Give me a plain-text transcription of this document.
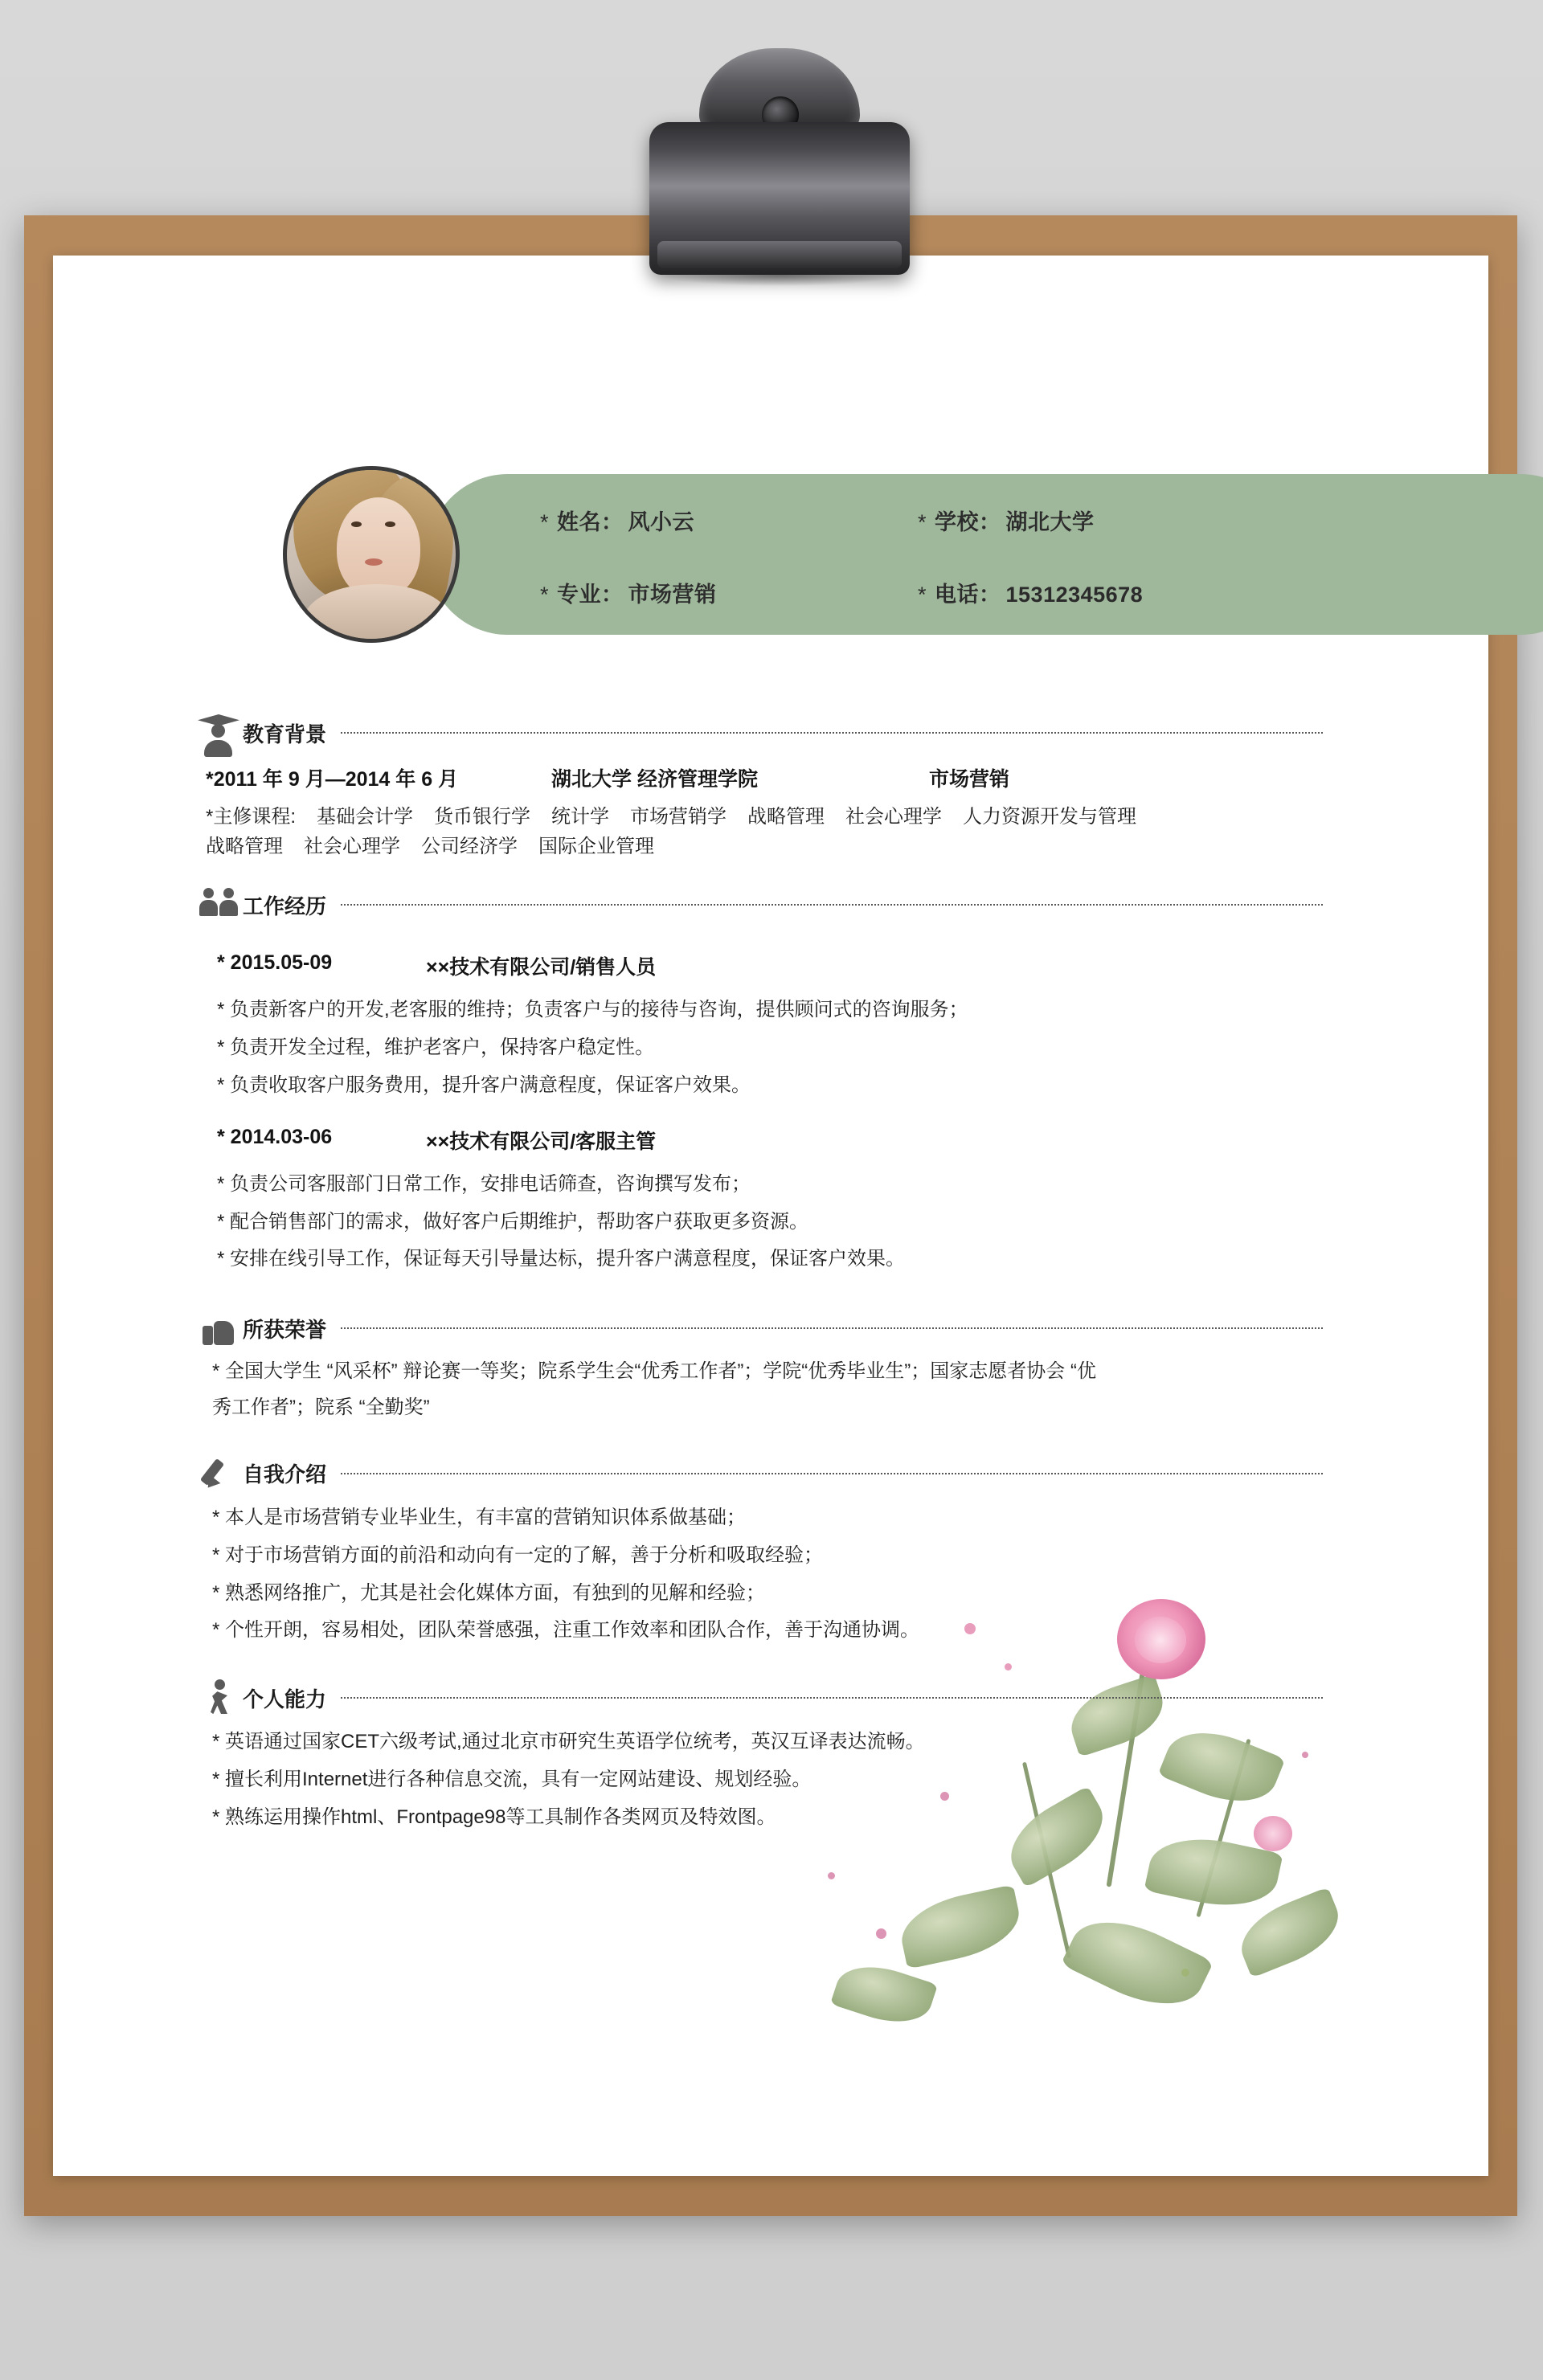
* 姓名： 风小云	* 学校： 湖北大学
* 专业： 市场营销	* 电话： 15312345678
教育背景
*2011 年 9 月—2014 年 6 月	湖北大学 经济管理学院	市场营销
*主修课程: 基础会计学 货币银行学 统计学 市场营销学 战略管理 社会心理学 人力资源开发与管理
战略管理 社会心理学 公司经济学 国际企业管理
工作经历
* 2015.05-09	××技术有限公司/销售人员
* 负责新客户的开发,老客服的维持；负责客户与的接待与咨询，提供顾问式的咨询服务；
* 负责开发全过程，维护老客户，保持客户稳定性。
* 负责收取客户服务费用，提升客户满意程度，保证客户效果。
* 2014.03-06	××技术有限公司/客服主管
* 负责公司客服部门日常工作，安排电话筛查，咨询撰写发布；
* 配合销售部门的需求，做好客户后期维护，帮助客户获取更多资源。
* 安排在线引导工作，保证每天引导量达标，提升客户满意程度，保证客户效果。
所获荣誉

* 全国大学生 “风采杯” 辩论赛一等奖；院系学生会“优秀工作者”；学院“优秀毕业生”；国家志愿者协会 “优

秀工作者”；院系 “全勤奖”

自我介绍

* 本人是市场营销专业毕业生，有丰富的营销知识体系做基础；

* 对于市场营销方面的前沿和动向有一定的了解，善于分析和吸取经验；

* 熟悉网络推广，尤其是社会化媒体方面，有独到的见解和经验；

* 个性开朗，容易相处，团队荣誉感强，注重工作效率和团队合作，善于沟通协调。

个人能力

* 英语通过国家CET六级考试,通过北京市研究生英语学位统考，英汉互译表达流畅。

* 擅长利用Internet进行各种信息交流，具有一定网站建设、规划经验。

* 熟练运用操作html、Frontpage98等工具制作各类网页及特效图。
